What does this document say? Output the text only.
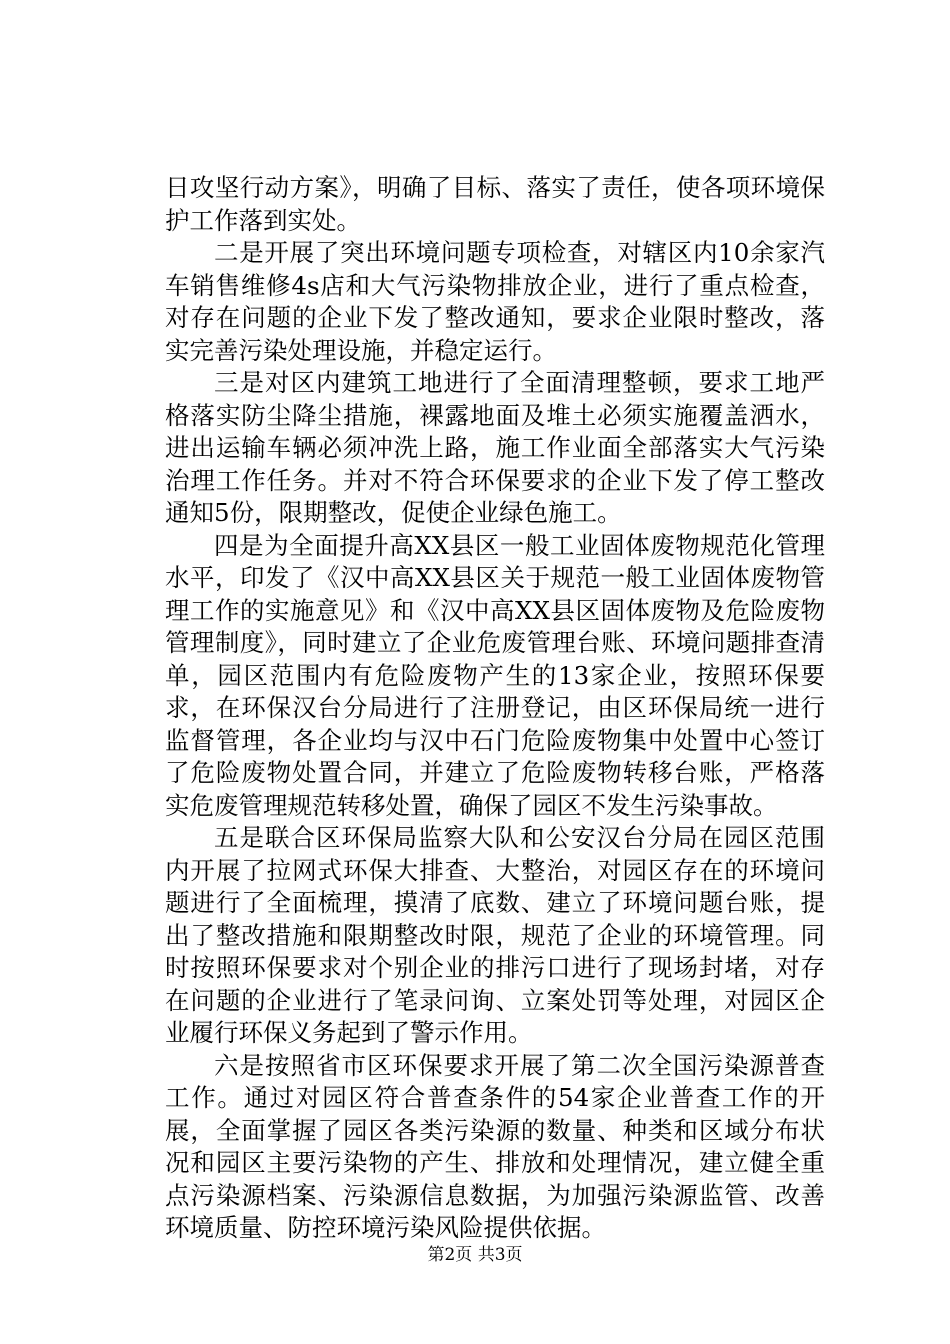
日攻坚行动方案》，明确了目标、落实了责任，使各项环境保护工作落到实处。

二是开展了突出环境问题专项检查，对辖区内10余家汽车销售维修4s店和大气污染物排放企业，进行了重点检查，对存在问题的企业下发了整改通知，要求企业限时整改，落实完善污染处理设施，并稳定运行。

三是对区内建筑工地进行了全面清理整顿，要求工地严格落实防尘降尘措施，裸露地面及堆土必须实施覆盖洒水，进出运输车辆必须冲洗上路，施工作业面全部落实大气污染治理工作任务。并对不符合环保要求的企业下发了停工整改通知5份，限期整改，促使企业绿色施工。

四是为全面提升高XX县区一般工业固体废物规范化管理水平，印发了《汉中高XX县区关于规范一般工业固体废物管理工作的实施意见》和《汉中高XX县区固体废物及危险废物管理制度》，同时建立了企业危废管理台账、环境问题排查清单，园区范围内有危险废物产生的13家企业，按照环保要求，在环保汉台分局进行了注册登记，由区环保局统一进行监督管理，各企业均与汉中石门危险废物集中处置中心签订了危险废物处置合同，并建立了危险废物转移台账，严格落实危废管理规范转移处置，确保了园区不发生污染事故。

五是联合区环保局监察大队和公安汉台分局在园区范围内开展了拉网式环保大排查、大整治，对园区存在的环境问题进行了全面梳理，摸清了底数、建立了环境问题台账，提出了整改措施和限期整改时限，规范了企业的环境管理。同时按照环保要求对个别企业的排污口进行了现场封堵，对存在问题的企业进行了笔录问询、立案处罚等处理，对园区企业履行环保义务起到了警示作用。

六是按照省市区环保要求开展了第二次全国污染源普查工作。通过对园区符合普查条件的54家企业普查工作的开展，全面掌握了园区各类污染源的数量、种类和区域分布状况和园区主要污染物的产生、排放和处理情况，建立健全重点污染源档案、污染源信息数据，为加强污染源监管、改善环境质量、防控环境污染风险提供依据。

第2页 共3页
